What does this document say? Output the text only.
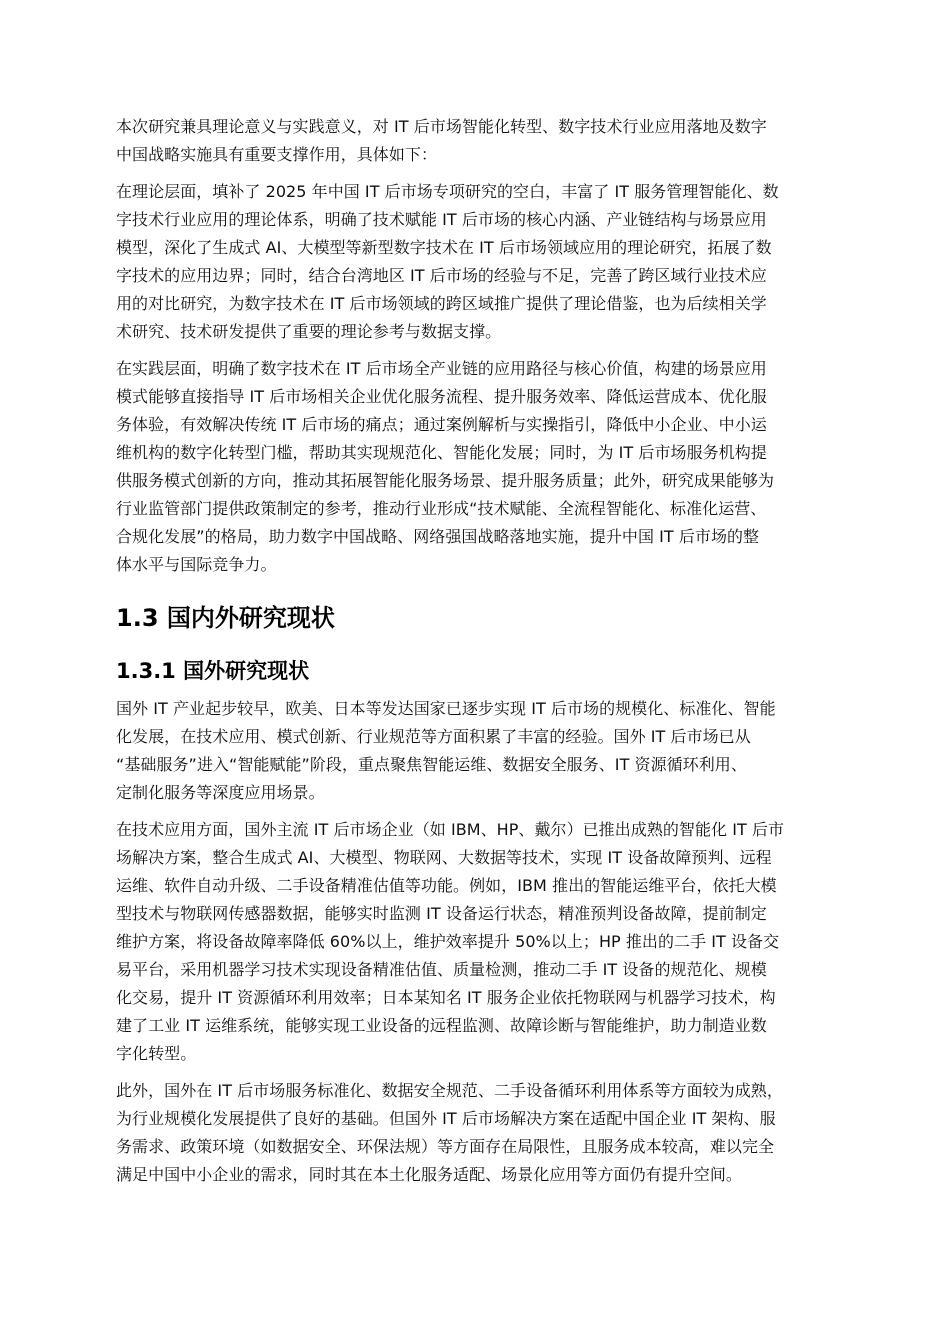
本次研究兼具理论意义与实践意义，对 IT 后市场智能化转型、数字技术行业应用落地及数字
中国战略实施具有重要支撑作用，具体如下：

在理论层面，填补了 2025 年中国 IT 后市场专项研究的空白，丰富了 IT 服务管理智能化、数
字技术行业应用的理论体系，明确了技术赋能 IT 后市场的核心内涵、产业链结构与场景应用
模型，深化了生成式 AI、大模型等新型数字技术在 IT 后市场领域应用的理论研究，拓展了数
字技术的应用边界；同时，结合台湾地区 IT 后市场的经验与不足，完善了跨区域行业技术应
用的对比研究，为数字技术在 IT 后市场领域的跨区域推广提供了理论借鉴，也为后续相关学
术研究、技术研发提供了重要的理论参考与数据支撑。

在实践层面，明确了数字技术在 IT 后市场全产业链的应用路径与核心价值，构建的场景应用
模式能够直接指导 IT 后市场相关企业优化服务流程、提升服务效率、降低运营成本、优化服
务体验，有效解决传统 IT 后市场的痛点；通过案例解析与实操指引，降低中小企业、中小运
维机构的数字化转型门槛，帮助其实现规范化、智能化发展；同时，为 IT 后市场服务机构提
供服务模式创新的方向，推动其拓展智能化服务场景、提升服务质量；此外，研究成果能够为
行业监管部门提供政策制定的参考，推动行业形成“技术赋能、全流程智能化、标准化运营、
合规化发展”的格局，助力数字中国战略、网络强国战略落地实施，提升中国 IT 后市场的整
体水平与国际竞争力。

1.3 国内外研究现状
1.3.1 国外研究现状

国外 IT 产业起步较早，欧美、日本等发达国家已逐步实现 IT 后市场的规模化、标准化、智能
化发展，在技术应用、模式创新、行业规范等方面积累了丰富的经验。国外 IT 后市场已从
“基础服务”进入“智能赋能”阶段，重点聚焦智能运维、数据安全服务、IT 资源循环利用、
定制化服务等深度应用场景。

在技术应用方面，国外主流 IT 后市场企业（如 IBM、HP、戴尔）已推出成熟的智能化 IT 后市
场解决方案，整合生成式 AI、大模型、物联网、大数据等技术，实现 IT 设备故障预判、远程
运维、软件自动升级、二手设备精准估值等功能。例如，IBM 推出的智能运维平台，依托大模
型技术与物联网传感器数据，能够实时监测 IT 设备运行状态，精准预判设备故障，提前制定
维护方案，将设备故障率降低 60%以上，维护效率提升 50%以上；HP 推出的二手 IT 设备交
易平台，采用机器学习技术实现设备精准估值、质量检测，推动二手 IT 设备的规范化、规模
化交易，提升 IT 资源循环利用效率；日本某知名 IT 服务企业依托物联网与机器学习技术，构
建了工业 IT 运维系统，能够实现工业设备的远程监测、故障诊断与智能维护，助力制造业数
字化转型。

此外，国外在 IT 后市场服务标准化、数据安全规范、二手设备循环利用体系等方面较为成熟，
为行业规模化发展提供了良好的基础。但国外 IT 后市场解决方案在适配中国企业 IT 架构、服
务需求、政策环境（如数据安全、环保法规）等方面存在局限性，且服务成本较高，难以完全
满足中国中小企业的需求，同时其在本土化服务适配、场景化应用等方面仍有提升空间。
